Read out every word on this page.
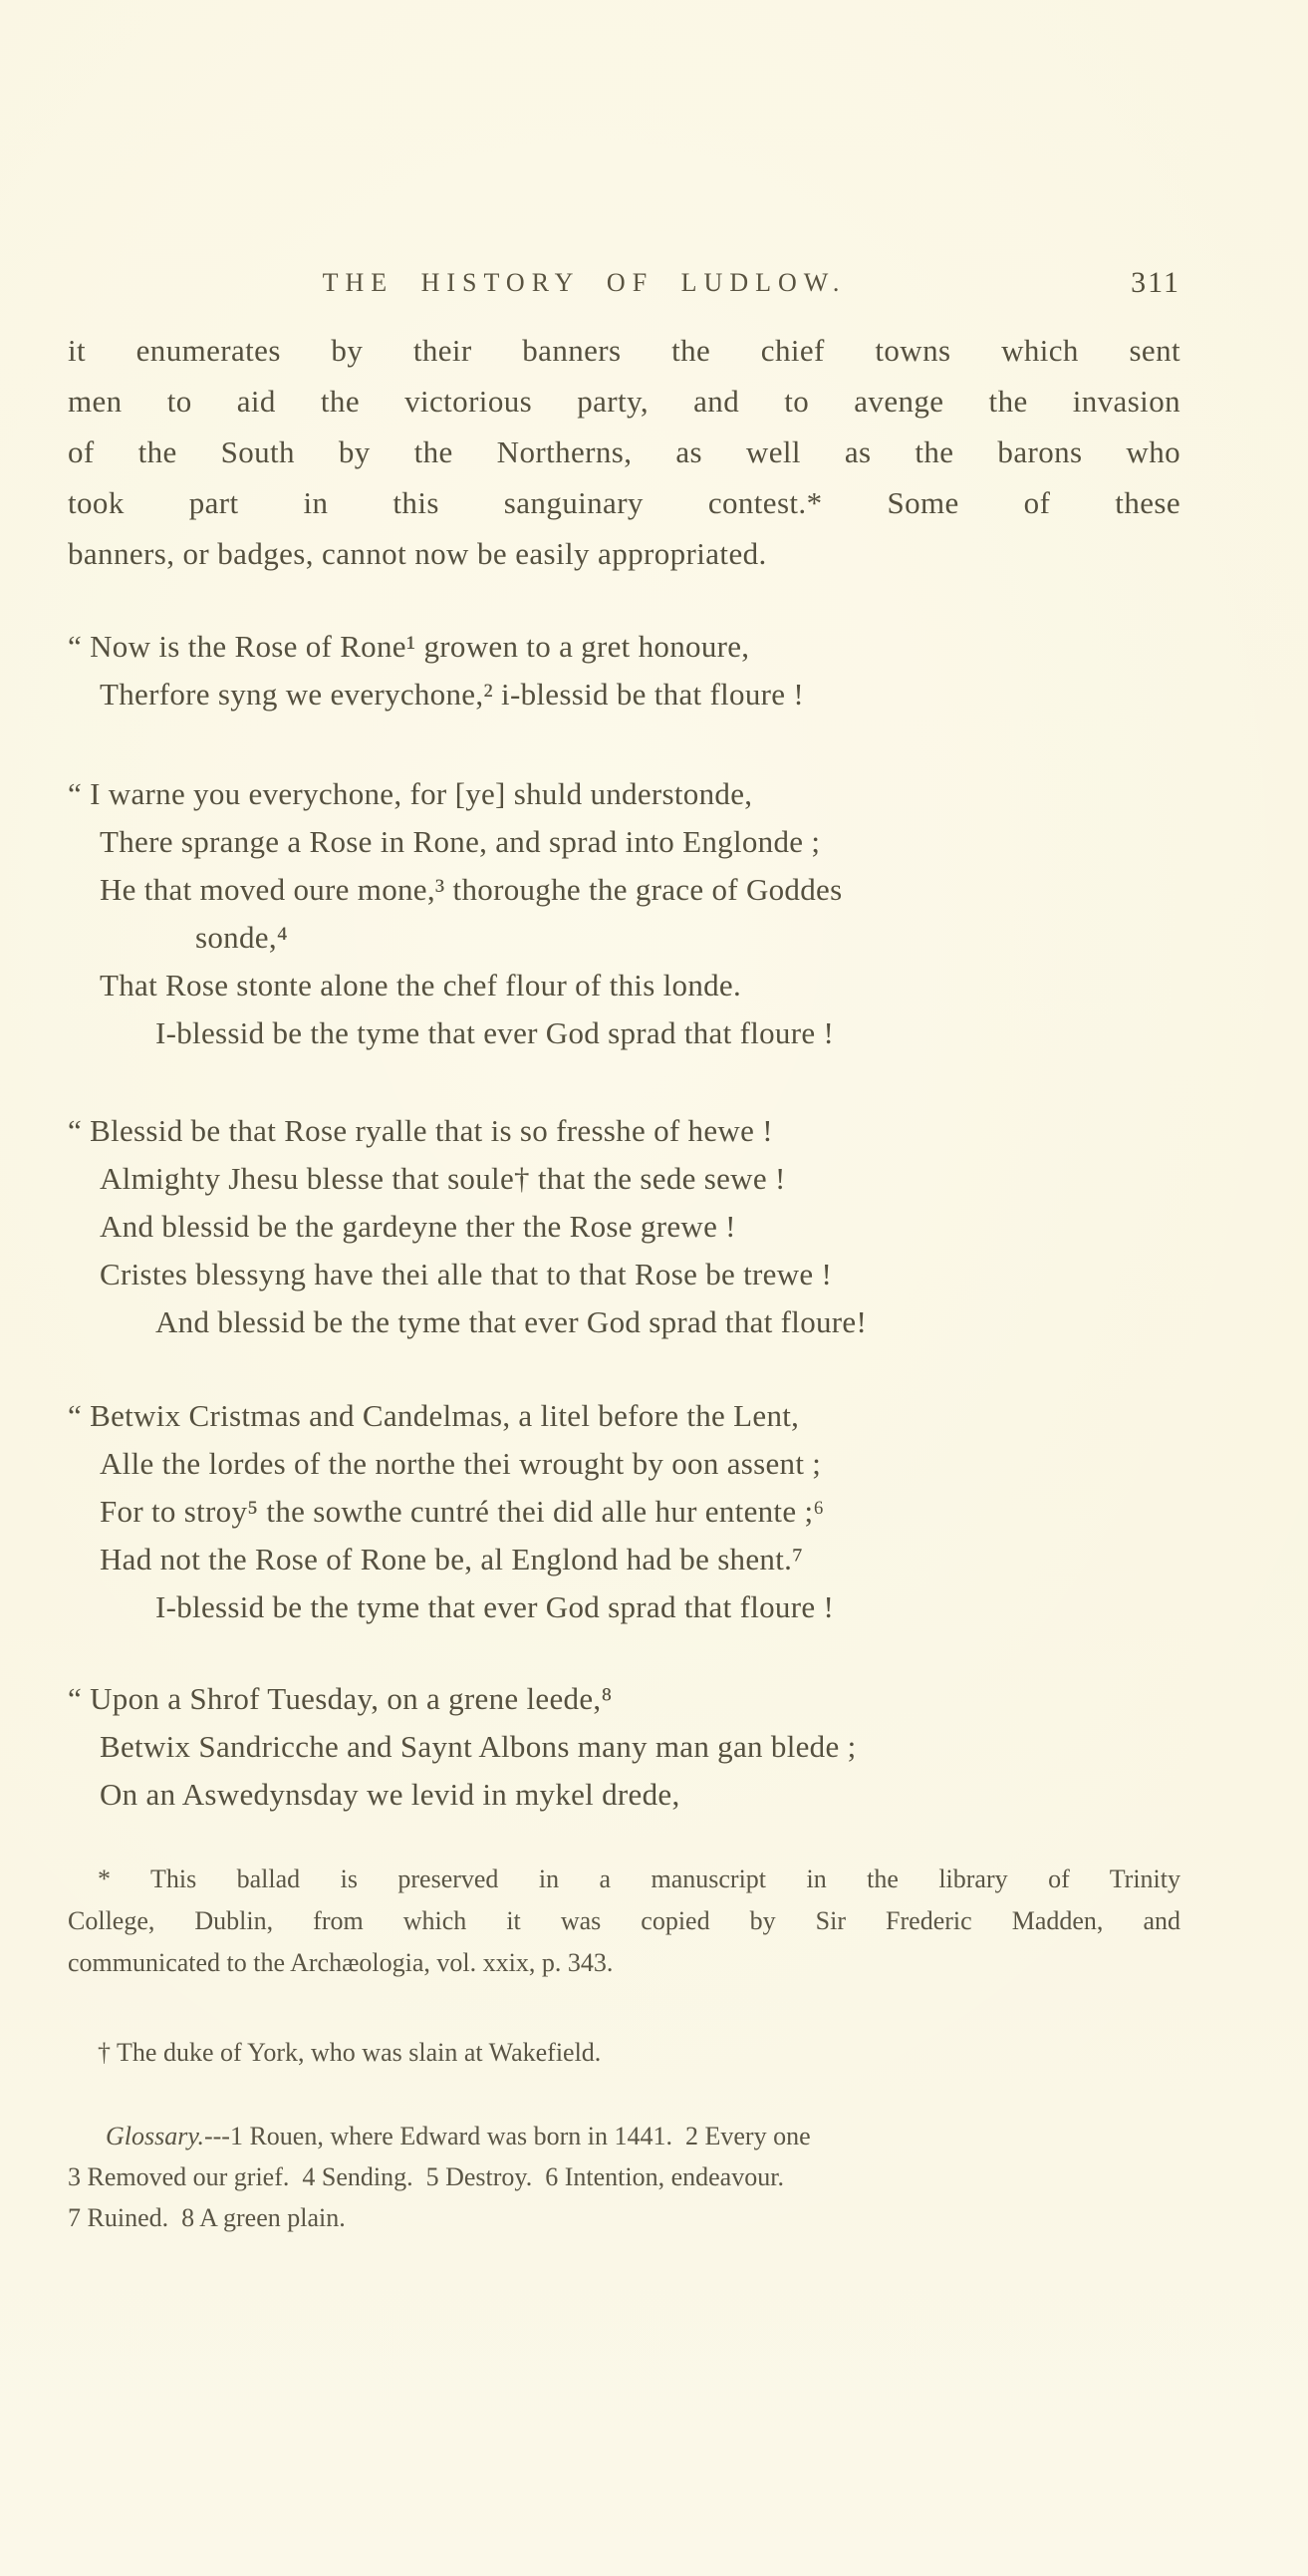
THE HISTORY OF LUDLOW.	311
it enumerates by their banners the chief towns which sent
men to aid the victorious party, and to avenge the invasion
of the South by the Northerns, as well as the barons who
took part in this sanguinary contest.* Some of these
banners, or badges, cannot now be easily appropriated.
“ Now is the Rose of Rone¹ growen to a gret honoure,
Therfore syng we everychone,² i-blessid be that floure !
“ I warne you everychone, for [ye] shuld understonde,
There sprange a Rose in Rone, and sprad into Englonde ;
He that moved oure mone,³ thoroughe the grace of Goddes
sonde,⁴
That Rose stonte alone the chef flour of this londe.
I-blessid be the tyme that ever God sprad that floure !
“ Blessid be that Rose ryalle that is so fresshe of hewe !
Almighty Jhesu blesse that soule† that the sede sewe !
And blessid be the gardeyne ther the Rose grewe !
Cristes blessyng have thei alle that to that Rose be trewe !
And blessid be the tyme that ever God sprad that floure!
“ Betwix Cristmas and Candelmas, a litel before the Lent,
Alle the lordes of the northe thei wrought by oon assent ;
For to stroy⁵ the sowthe cuntré thei did alle hur entente ;⁶
Had not the Rose of Rone be, al Englond had be shent.⁷
I-blessid be the tyme that ever God sprad that floure !
“ Upon a Shrof Tuesday, on a grene leede,⁸
Betwix Sandricche and Saynt Albons many man gan blede ;
On an Aswedynsday we levid in mykel drede,
* This ballad is preserved in a manuscript in the library of Trinity
College, Dublin, from which it was copied by Sir Frederic Madden, and
communicated to the Archæologia, vol. xxix, p. 343.
† The duke of York, who was slain at Wakefield.
Glossary.---1 Rouen, where Edward was born in 1441.  2 Every one
3 Removed our grief.  4 Sending.  5 Destroy.  6 Intention, endeavour.
7 Ruined.  8 A green plain.
